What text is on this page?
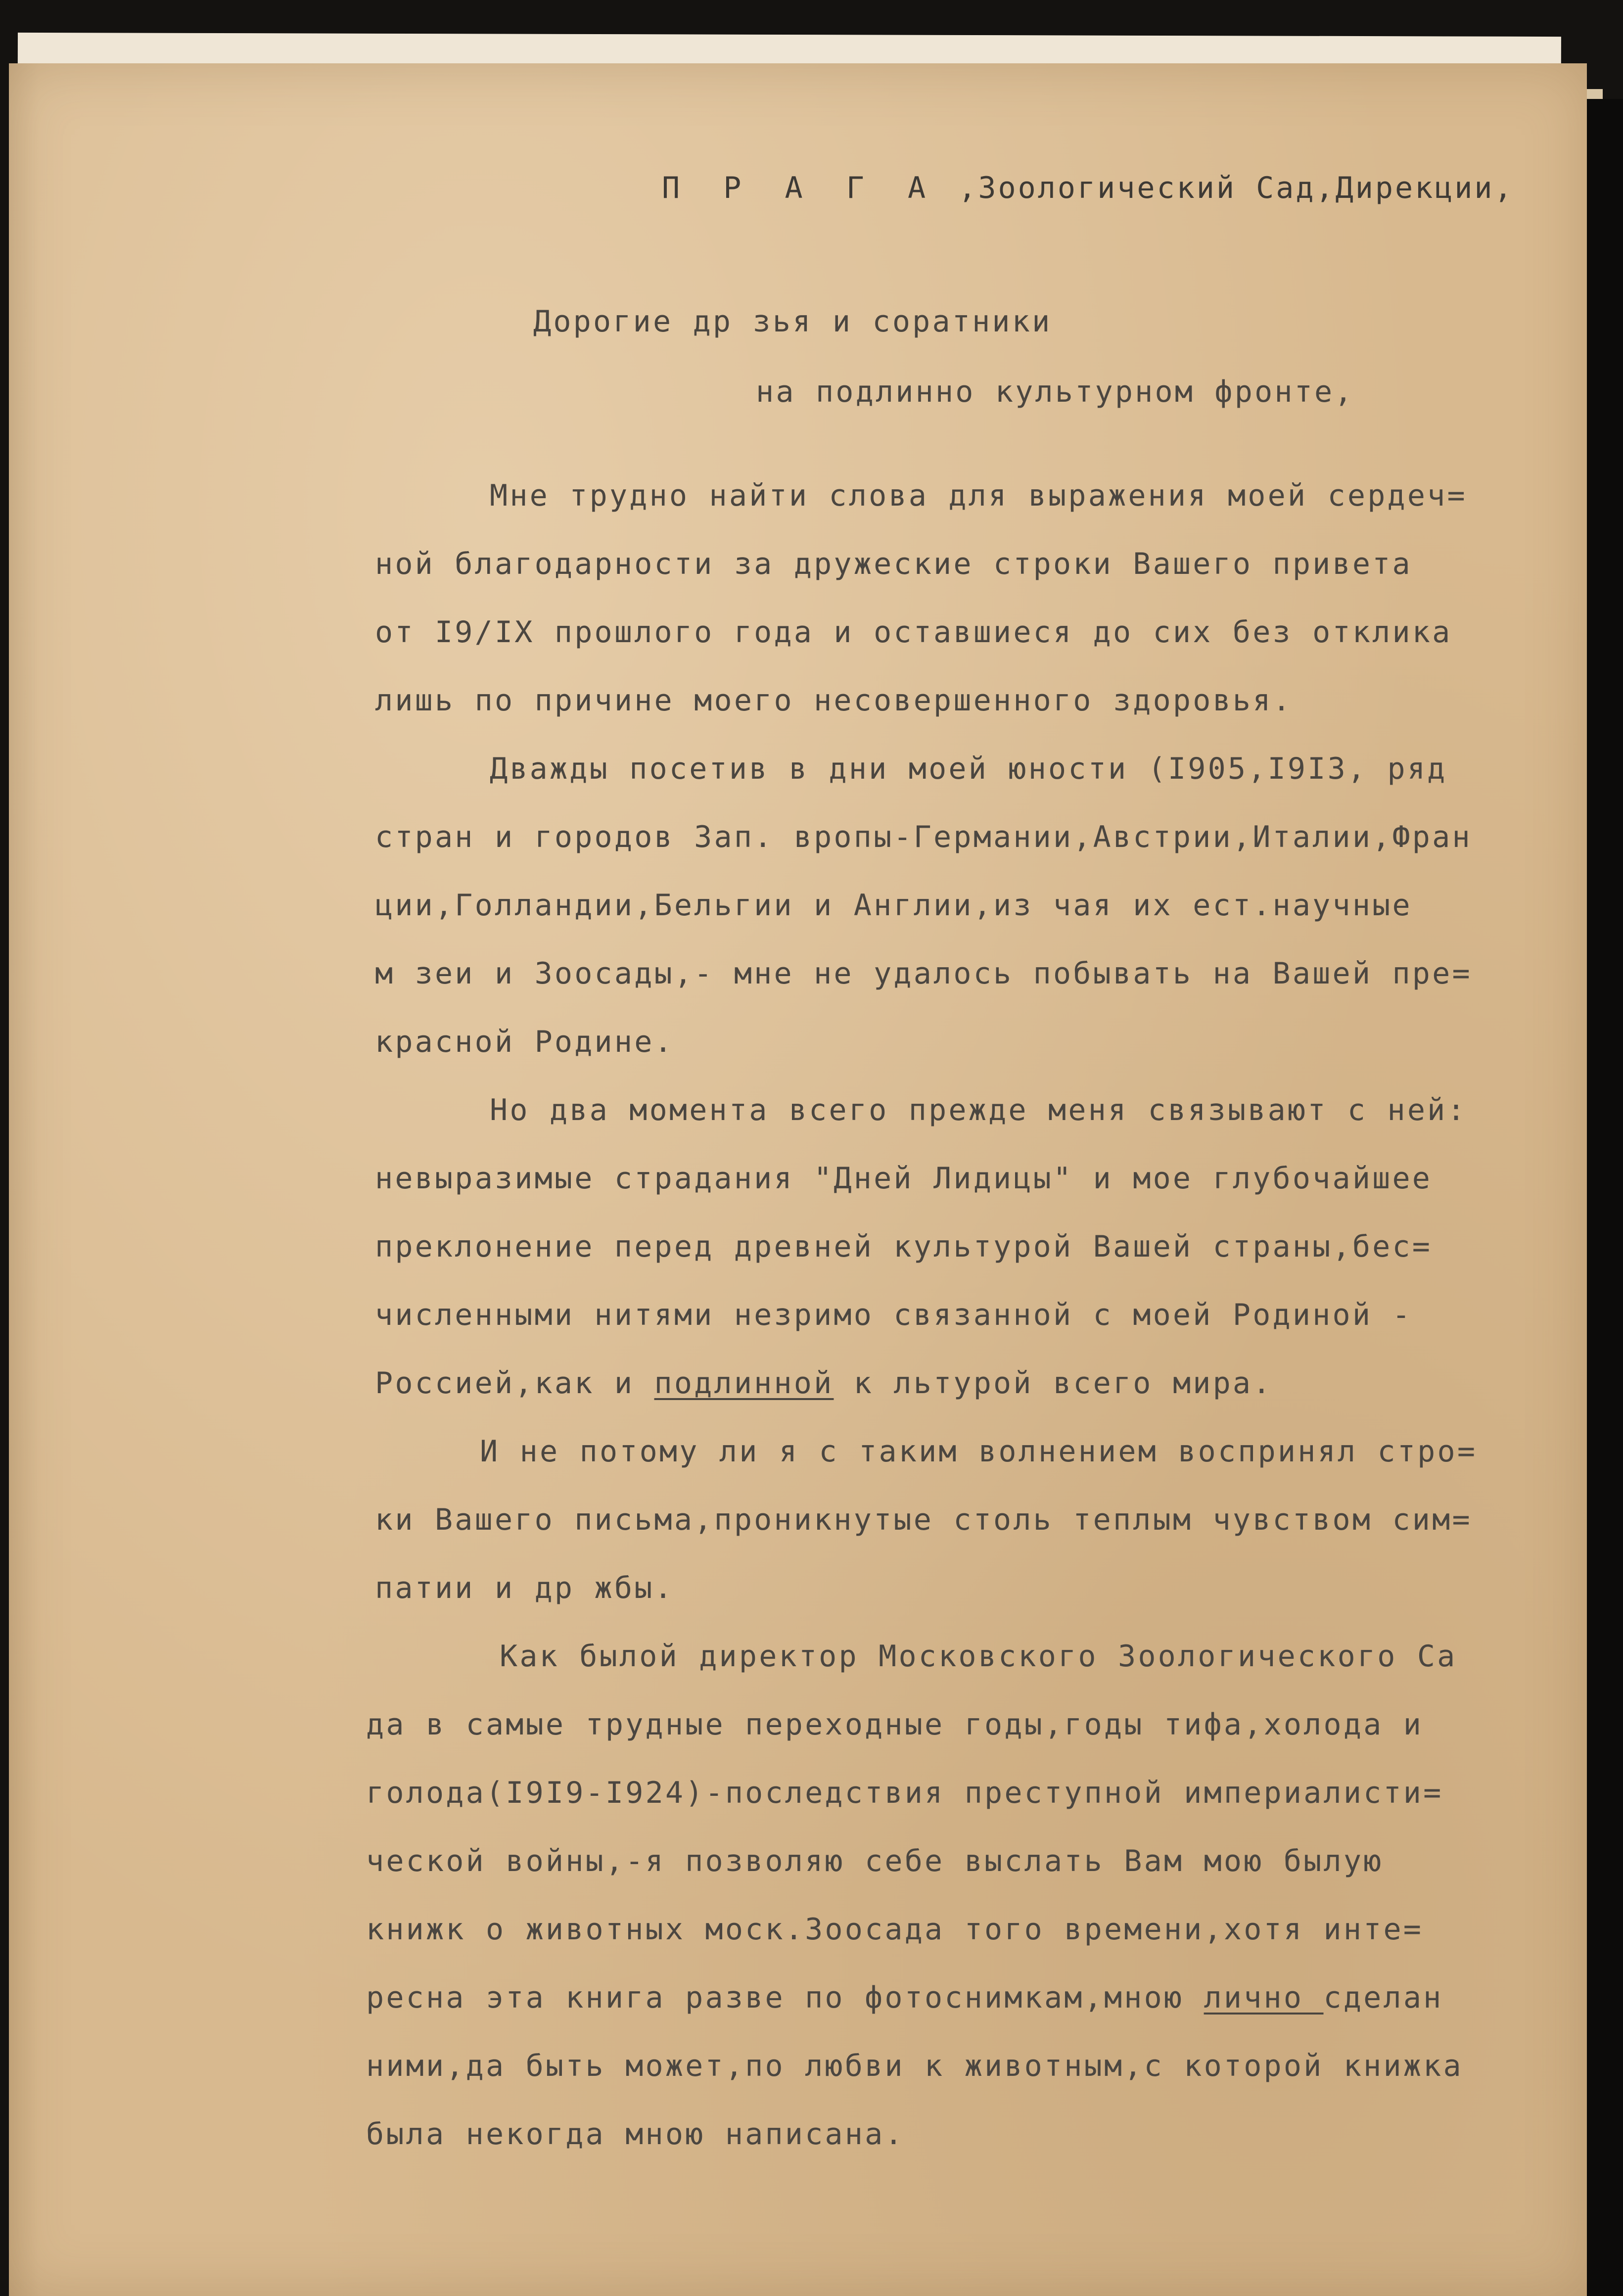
П Р А Г А ,Зоологический Сад,Дирекции,

Дорогие др зья и соратники

на подлинно культурном фронте,

Мне трудно найти слова для выражения моей сердеч=

ной благодарности за дружеские строки Вашего привета

от I9/IX прошлого года и оставшиеся до сих без отклика

лишь по причине моего несовершенного здоровья.

Дважды посетив в дни моей юности (I905,I9I3, ряд

стран и городов Зап. вропы-Германии,Австрии,Италии,Фран

ции,Голландии,Бельгии и Англии,из чая их ест.научные

м зеи и Зоосады,- мне не удалось побывать на Вашей пре=

красной Родине.

Но два момента всего прежде меня связывают с ней:

невыразимые страдания "Дней Лидицы" и мое глубочайшее

преклонение перед древней культурой Вашей страны,бес=

численными нитями незримо связанной с моей Родиной -

Россией,как и подлинной к льтурой всего мира.

И не потому ли я с таким волнением воспринял стро=

ки Вашего письма,проникнутые столь теплым чувством сим=

патии и др жбы.

Как былой директор Московского Зоологического Са

да в самые трудные переходные годы,годы тифа,холода и

голода(I9I9-I924)-последствия преступной империалисти=

ческой войны,-я позволяю себе выслать Вам мою былую

книжк о животных моск.Зоосада того времени,хотя инте=

ресна эта книга разве по фотоснимкам,мною лично сделан

ними,да быть может,по любви к животным,с которой книжка

была некогда мною написана.
